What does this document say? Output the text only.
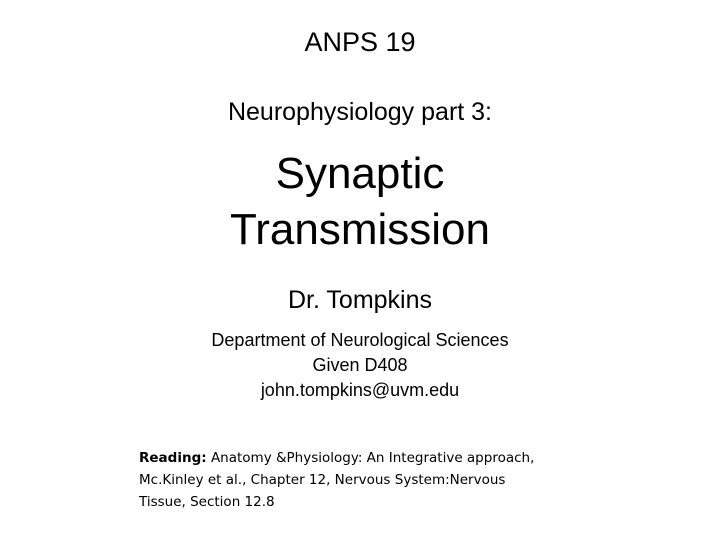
ANPS 19
Neurophysiology part 3:
Synaptic
Transmission
Dr. Tompkins
Department of Neurological Sciences
Given D408
john.tompkins@uvm.edu
Reading: Anatomy &Physiology: An Integrative approach,
Mc.Kinley et al., Chapter 12, Nervous System:Nervous
Tissue, Section 12.8
